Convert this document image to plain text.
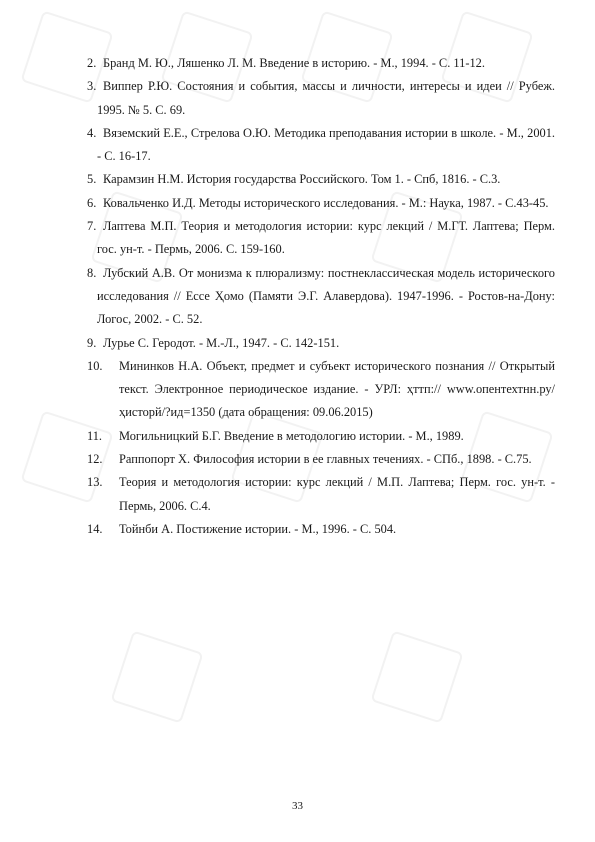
2. Бранд М. Ю., Ляшенко Л. М. Введение в историю. - М., 1994. - С. 11-12.
3. Виппер Р.Ю. Состояния и события, массы и личности, интересы и идеи // Рубеж. 1995. № 5. С. 69.
4. Вяземский Е.Е., Стрелова О.Ю. Методика преподавания истории в школе. - М., 2001. - С. 16-17.
5. Карамзин Н.М. История государства Российского. Том 1. - Спб, 1816. - С.3.
6. Ковальченко И.Д. Методы исторического исследования. - М.: Наука, 1987. - С.43-45.
7. Лаптева М.П. Теория и методология истории: курс лекций / М.ГТ. Лаптева; Перм. гос. ун-т. - Пермь, 2006. С. 159-160.
8. Лубский А.В. От монизма к плюрализму: постнеклассическая модель исторического исследования // Ессе Ҳомо (Памяти Э.Г. Алавердова). 1947-1996. - Ростов-на-Дону: Логос, 2002. - С. 52.
9. Лурье С. Геродот. - М.-Л., 1947. - С. 142-151.
10. Мининков Н.А. Объект, предмет и субъект исторического познания // Открытый текст. Электронное периодическое издание. - УРЛ: ҳттп:// www.опентехтнн.ру/ҳисторй/?ид=1350 (дата обращения: 09.06.2015)
11. Могильницкий Б.Г. Введение в методологию истории. - М., 1989.
12. Раппопорт Х. Философия истории в ее главных течениях. - СПб., 1898. - С.75.
13. Теория и методология истории: курс лекций / М.П. Лаптева; Перм. гос. ун-т. - Пермь, 2006. С.4.
14. Тойнби А. Постижение истории. - М., 1996. - С. 504.
33
